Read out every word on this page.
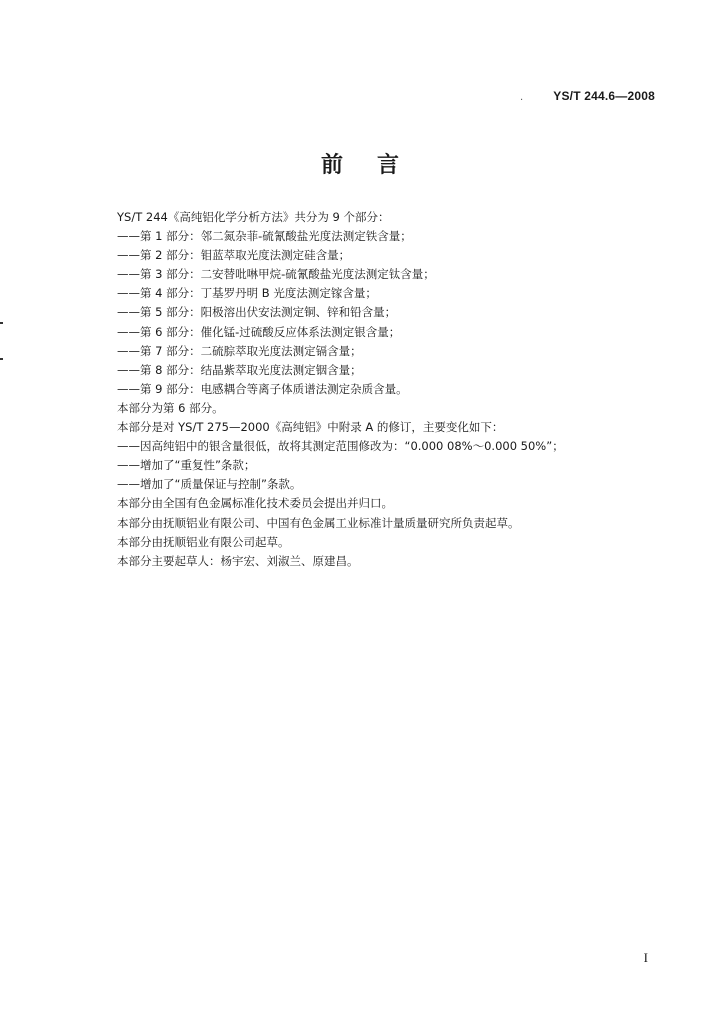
.	YS/T 244.6—2008
前言
YS/T 244《高纯铝化学分析方法》共分为 9 个部分：
——第 1 部分：邻二氮杂菲-硫氰酸盐光度法测定铁含量；
——第 2 部分：钼蓝萃取光度法测定硅含量；
——第 3 部分：二安替吡啉甲烷-硫氰酸盐光度法测定钛含量；
——第 4 部分：丁基罗丹明 B 光度法测定镓含量；
——第 5 部分：阳极溶出伏安法测定铜、锌和铅含量；
——第 6 部分：催化锰-过硫酸反应体系法测定银含量；
——第 7 部分：二硫腙萃取光度法测定镉含量；
——第 8 部分：结晶紫萃取光度法测定铟含量；
——第 9 部分：电感耦合等离子体质谱法测定杂质含量。
本部分为第 6 部分。
本部分是对 YS/T 275—2000《高纯铝》中附录 A 的修订，主要变化如下：
——因高纯铝中的银含量很低，故将其测定范围修改为：“0.000 08%～0.000 50%”；
——增加了“重复性”条款；
——增加了“质量保证与控制”条款。
本部分由全国有色金属标准化技术委员会提出并归口。
本部分由抚顺铝业有限公司、中国有色金属工业标准计量质量研究所负责起草。
本部分由抚顺铝业有限公司起草。
本部分主要起草人：杨宇宏、刘淑兰、原建昌。
I
